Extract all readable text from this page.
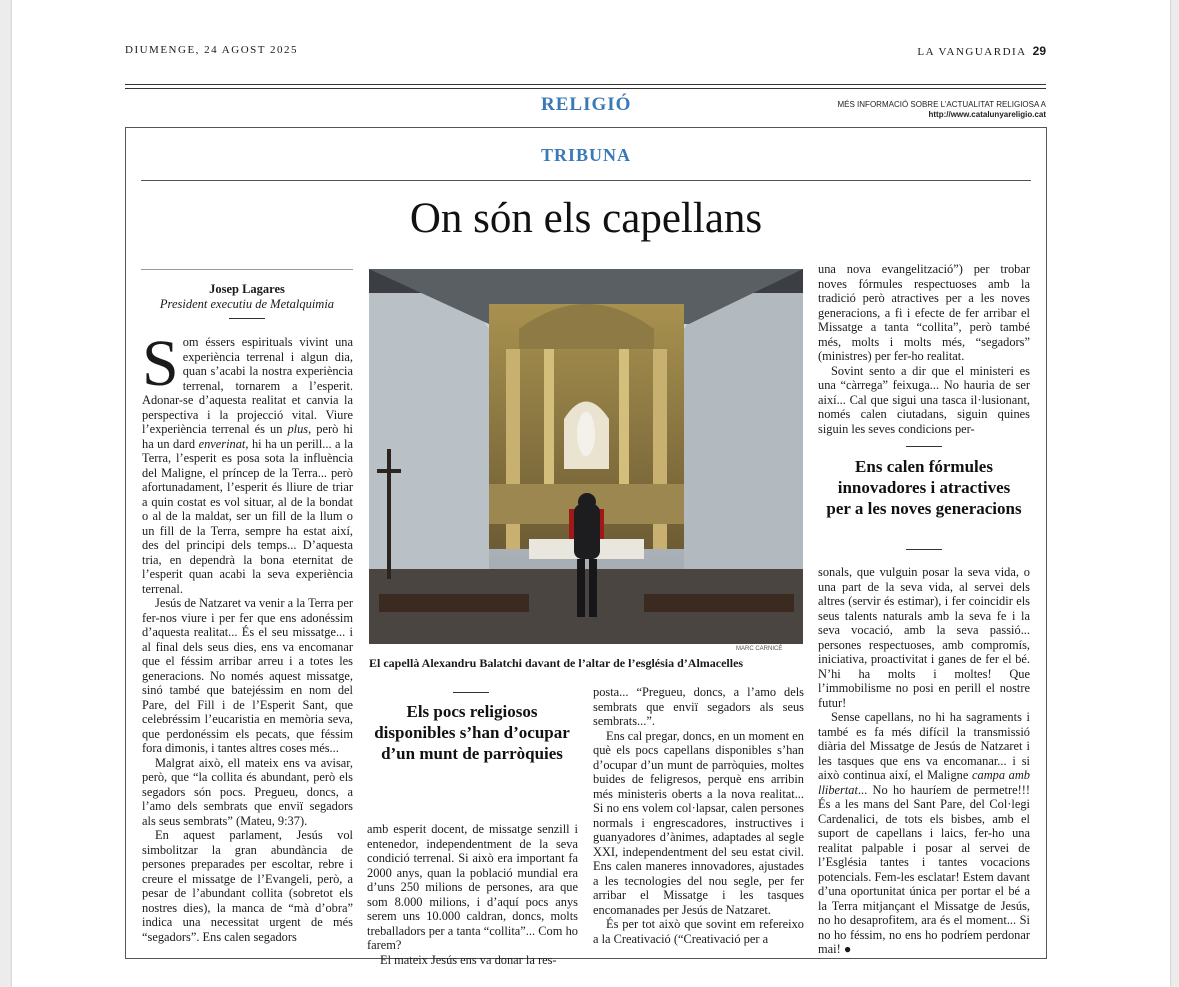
DIUMENGE, 24 AGOST 2025	LA VANGUARDIA 29
RELIGIÓ	MÉS INFORMACIÓ SOBRE L’ACTUALITAT RELIGIOSA A
http://www.catalunyareligio.cat
TRIBUNA
On són els capellans
Josep Lagares
President executiu de Metalquimia

Som éssers espirituals vivint una experiència terrenal i algun dia, quan s’acabi la nostra experiència terrenal, tornarem a l’esperit. Adonar-se d’aquesta realitat et canvia la perspectiva i la projecció vital. Viure l’experiència terrenal és un plus, però hi ha un dard enverinat, hi ha un perill... a la Terra, l’esperit es posa sota la influència del Maligne, el príncep de la Terra... però afortunadament, l’esperit és lliure de triar a quin costat es vol situar, al de la bondat o al de la maldat, ser un fill de la llum o un fill de la Terra, sempre ha estat així, des del principi dels temps... D’aquesta tria, en dependrà la bona eternitat de l’esperit quan acabi la seva experiència terrenal.

Jesús de Natzaret va venir a la Terra per fer-nos viure i per fer que ens adonéssim d’aquesta realitat... És el seu missatge... i al final dels seus dies, ens va encomanar que el féssim arribar arreu i a totes les generacions. No només aquest missatge, sinó també que batejéssim en nom del Pare, del Fill i de l’Esperit Sant, que celebréssim l’eucaristia en memòria seva, que perdonéssim els pecats, que féssim fora dimonis, i tantes altres coses més...

Malgrat això, ell mateix ens va avisar, però, que “la collita és abundant, però els segadors són pocs. Pregueu, doncs, a l’amo dels sembrats que enviï segadors als seus sembrats” (Mateu, 9:37).

En aquest parlament, Jesús vol simbolitzar la gran abundància de persones preparades per escoltar, rebre i creure el missatge de l’Evangeli, però, a pesar de l’abundant collita (sobretot els nostres dies), la manca de “mà d’obra” indica una necessitat urgent de més “segadors”. Ens calen segadors

MARC CARNICÉ
El capellà Alexandru Balatchi davant de l’altar de l’església d’Almacelles
Els pocs religiosos disponibles s’han d’ocupar d’un munt de parròquies

amb esperit docent, de missatge senzill i entenedor, independentment de la seva condició terrenal. Si això era important fa 2000 anys, quan la població mundial era d’uns 250 milions de persones, ara que som 8.000 milions, i d’aquí pocs anys serem uns 10.000 caldran, doncs, molts treballadors per a tanta “collita”... Com ho farem?

El mateix Jesús ens va donar la res-

posta... “Pregueu, doncs, a l’amo dels sembrats que enviï segadors als seus sembrats...”.

Ens cal pregar, doncs, en un moment en què els pocs capellans disponibles s’han d’ocupar d’un munt de parròquies, moltes buides de feligresos, perquè ens arribin més ministeris oberts a la nova realitat... Si no ens volem col·lapsar, calen persones normals i engrescadores, instructives i guanyadores d’ànimes, adaptades al segle XXI, independentment del seu estat civil. Ens calen maneres innovadores, ajustades a les tecnologies del nou segle, per fer arribar el Missatge i les tasques encomanades per Jesús de Natzaret.

És per tot això que sovint em refereixo a la Creativació (“Creativació per a

una nova evangelització”) per trobar noves fórmules respectuoses amb la tradició però atractives per a les noves generacions, a fi i efecte de fer arribar el Missatge a tanta “collita”, però també més, molts i molts més, “segadors” (ministres) per fer-ho realitat.

Sovint sento a dir que el ministeri es una “càrrega” feixuga... No hauria de ser així... Cal que sigui una tasca il·lusionant, només calen ciutadans, siguin quines siguin les seves condicions per-

Ens calen fórmules innovadores i atractives per a les noves generacions

sonals, que vulguin posar la seva vida, o una part de la seva vida, al servei dels altres (servir és estimar), i fer coincidir els seus talents naturals amb la seva fe i la seva vocació, amb la seva passió... persones respectuoses, amb compromís, iniciativa, proactivitat i ganes de fer el bé. N’hi ha molts i moltes! Que l’immobilisme no posi en perill el nostre futur!

Sense capellans, no hi ha sagraments i també es fa més difícil la transmissió diària del Missatge de Jesús de Natzaret i les tasques que ens va encomanar... i si això continua així, el Maligne campa amb llibertat... No ho hauríem de permetre!!! És a les mans del Sant Pare, del Col·legi Cardenalici, de tots els bisbes, amb el suport de capellans i laics, fer-ho una realitat palpable i posar al servei de l’Església tantes i tantes vocacions potencials. Fem-les esclatar! Estem davant d’una oportunitat única per portar el bé a la Terra mitjançant el Missatge de Jesús, no ho desaprofitem, ara és el moment... Si no ho féssim, no ens ho podríem perdonar mai! ●
